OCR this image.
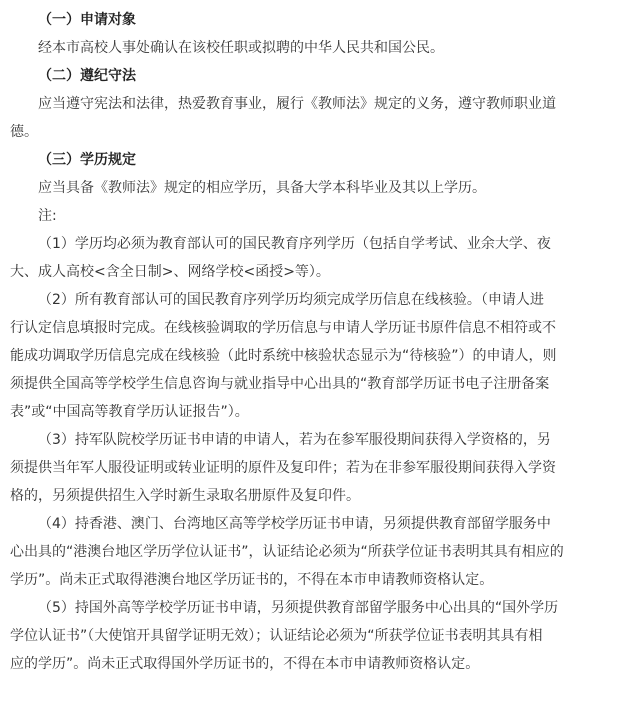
（一）申请对象
经本市高校人事处确认在该校任职或拟聘的中华人民共和国公民。
（二）遵纪守法
应当遵守宪法和法律，热爱教育事业，履行《教师法》规定的义务，遵守教师职业道
德。
（三）学历规定
应当具备《教师法》规定的相应学历，具备大学本科毕业及其以上学历。
注:
（1）学历均必须为教育部认可的国民教育序列学历（包括自学考试、业余大学、夜
大、成人高校<含全日制>、网络学校<函授>等）。
（2）所有教育部认可的国民教育序列学历均须完成学历信息在线核验。（申请人进
行认定信息填报时完成。在线核验调取的学历信息与申请人学历证书原件信息不相符或不
能成功调取学历信息完成在线核验（此时系统中核验状态显示为“待核验”）的申请人，则
须提供全国高等学校学生信息咨询与就业指导中心出具的“教育部学历证书电子注册备案
表”或“中国高等教育学历认证报告”）。
（3）持军队院校学历证书申请的申请人，若为在参军服役期间获得入学资格的，另
须提供当年军人服役证明或转业证明的原件及复印件；若为在非参军服役期间获得入学资
格的，另须提供招生入学时新生录取名册原件及复印件。
（4）持香港、澳门、台湾地区高等学校学历证书申请，另须提供教育部留学服务中
心出具的“港澳台地区学历学位认证书”，认证结论必须为“所获学位证书表明其具有相应的
学历”。尚未正式取得港澳台地区学历证书的，不得在本市申请教师资格认定。
（5）持国外高等学校学历证书申请，另须提供教育部留学服务中心出具的“国外学历
学位认证书”（大使馆开具留学证明无效）；认证结论必须为“所获学位证书表明其具有相
应的学历”。尚未正式取得国外学历证书的，不得在本市申请教师资格认定。
